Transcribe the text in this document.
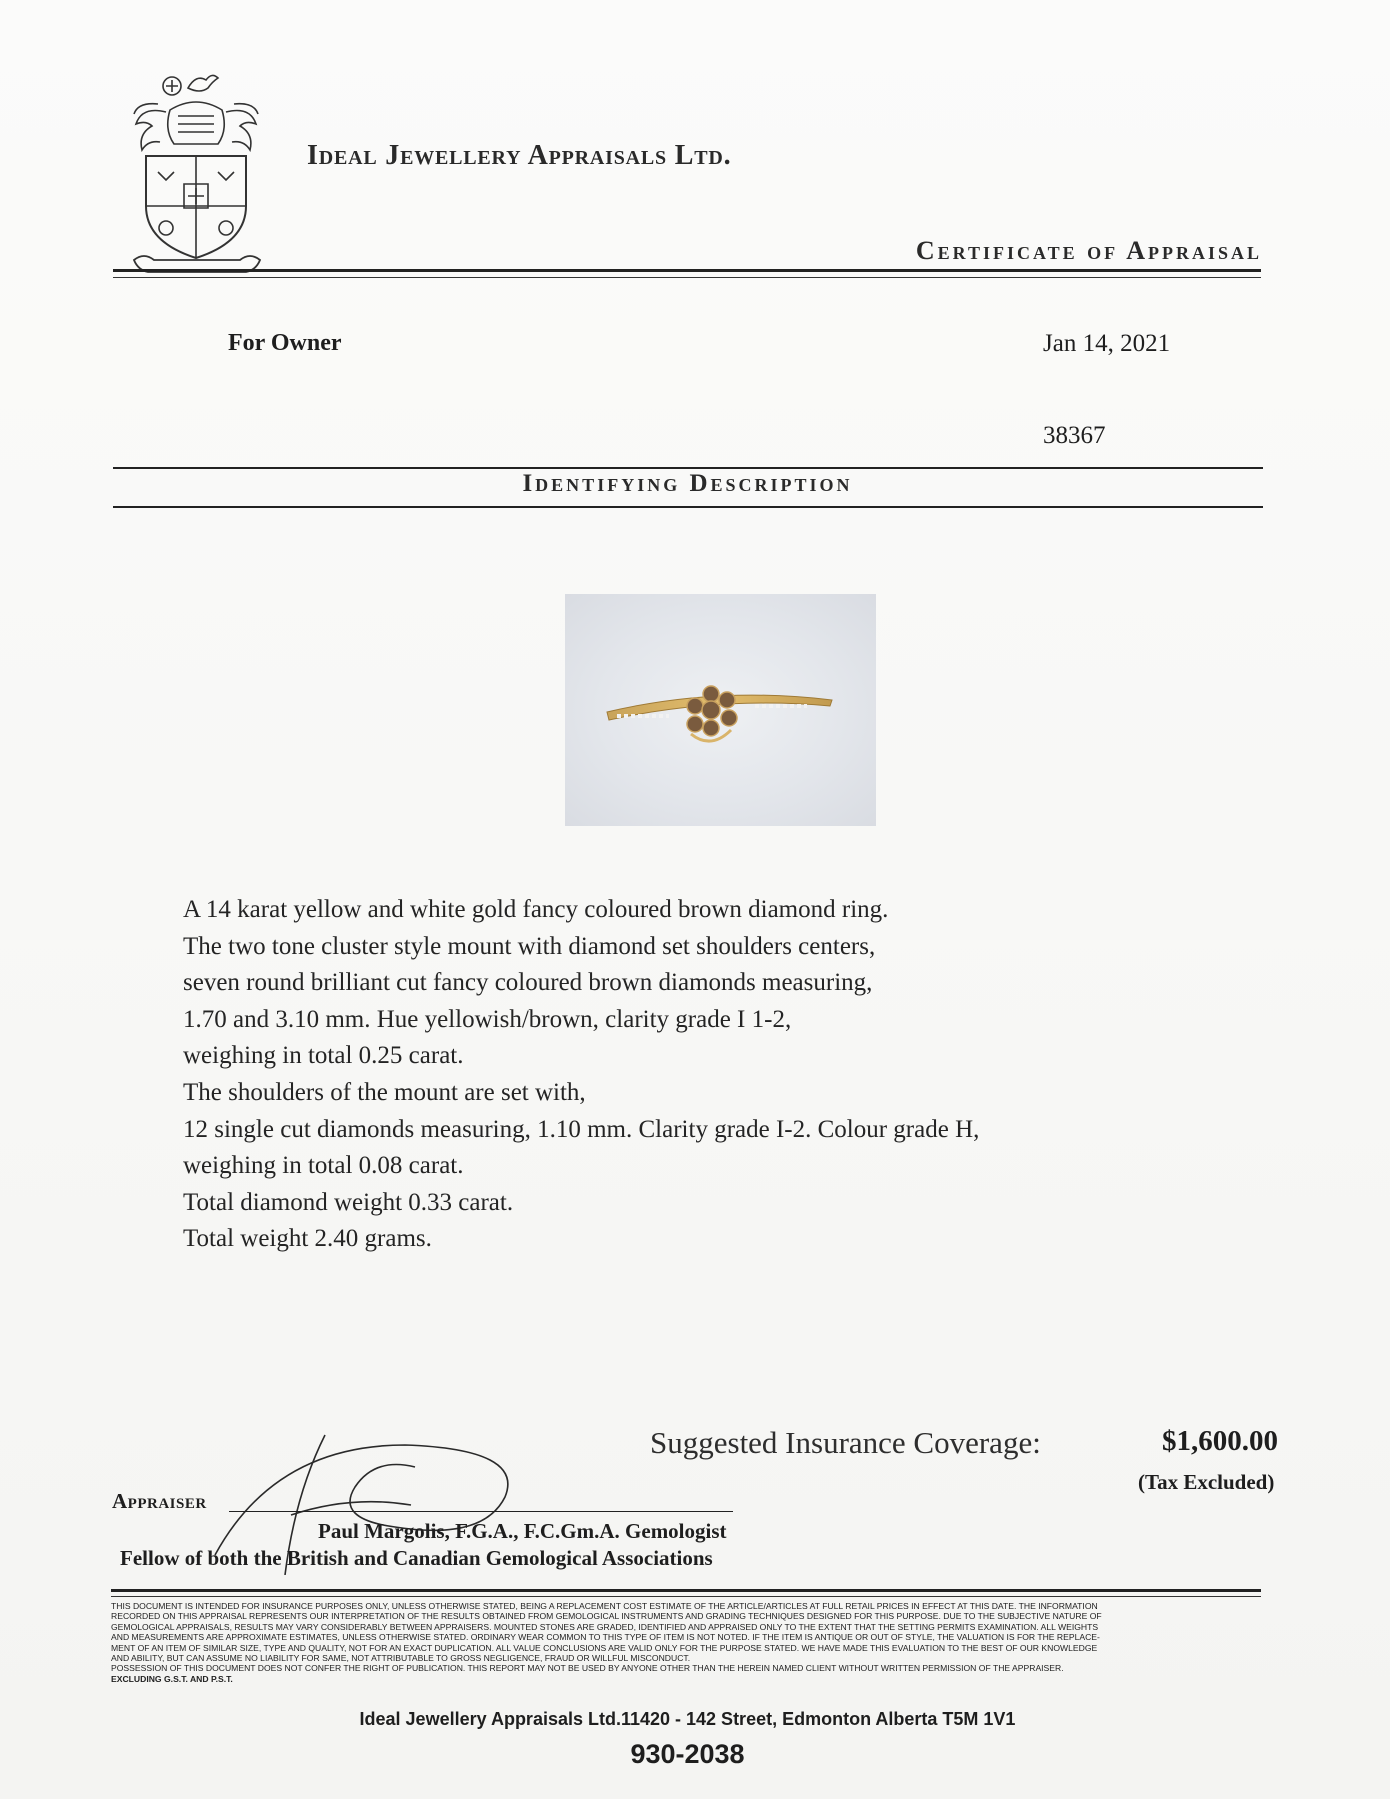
Ideal Jewellery Appraisals Ltd.
Certificate of Appraisal
For Owner	Jan 14, 2021
38367
Identifying Description
A 14 karat yellow and white gold fancy coloured brown diamond ring.
The two tone cluster style mount with diamond set shoulders centers,
seven round brilliant cut fancy coloured brown diamonds measuring,
1.70 and 3.10 mm. Hue yellowish/brown, clarity grade I 1-2,
weighing in total 0.25 carat.
The shoulders of the mount are set with,
12 single cut diamonds measuring, 1.10 mm. Clarity grade I-2. Colour grade H,
weighing in total 0.08 carat.
Total diamond weight 0.33 carat.
Total weight 2.40 grams.
Suggested Insurance Coverage:	$1,600.00
(Tax Excluded)
Appraiser
Paul Margolis, F.G.A., F.C.Gm.A. Gemologist
Fellow of both the British and Canadian Gemological Associations
THIS DOCUMENT IS INTENDED FOR INSURANCE PURPOSES ONLY, UNLESS OTHERWISE STATED, BEING A REPLACEMENT COST ESTIMATE OF THE ARTICLE/ARTICLES AT FULL RETAIL PRICES IN EFFECT AT THIS DATE. THE INFORMATION
RECORDED ON THIS APPRAISAL REPRESENTS OUR INTERPRETATION OF THE RESULTS OBTAINED FROM GEMOLOGICAL INSTRUMENTS AND GRADING TECHNIQUES DESIGNED FOR THIS PURPOSE. DUE TO THE SUBJECTIVE NATURE OF
GEMOLOGICAL APPRAISALS, RESULTS MAY VARY CONSIDERABLY BETWEEN APPRAISERS. MOUNTED STONES ARE GRADED, IDENTIFIED AND APPRAISED ONLY TO THE EXTENT THAT THE SETTING PERMITS EXAMINATION. ALL WEIGHTS
AND MEASUREMENTS ARE APPROXIMATE ESTIMATES, UNLESS OTHERWISE STATED. ORDINARY WEAR COMMON TO THIS TYPE OF ITEM IS NOT NOTED. IF THE ITEM IS ANTIQUE OR OUT OF STYLE, THE VALUATION IS FOR THE REPLACE-
MENT OF AN ITEM OF SIMILAR SIZE, TYPE AND QUALITY, NOT FOR AN EXACT DUPLICATION. ALL VALUE CONCLUSIONS ARE VALID ONLY FOR THE PURPOSE STATED. WE HAVE MADE THIS EVALUATION TO THE BEST OF OUR KNOWLEDGE
AND ABILITY, BUT CAN ASSUME NO LIABILITY FOR SAME, NOT ATTRIBUTABLE TO GROSS NEGLIGENCE, FRAUD OR WILLFUL MISCONDUCT.
POSSESSION OF THIS DOCUMENT DOES NOT CONFER THE RIGHT OF PUBLICATION. THIS REPORT MAY NOT BE USED BY ANYONE OTHER THAN THE HEREIN NAMED CLIENT WITHOUT WRITTEN PERMISSION OF THE APPRAISER.
EXCLUDING G.S.T. AND P.S.T.
Ideal Jewellery Appraisals Ltd.11420 - 142 Street, Edmonton Alberta T5M 1V1
930-2038
